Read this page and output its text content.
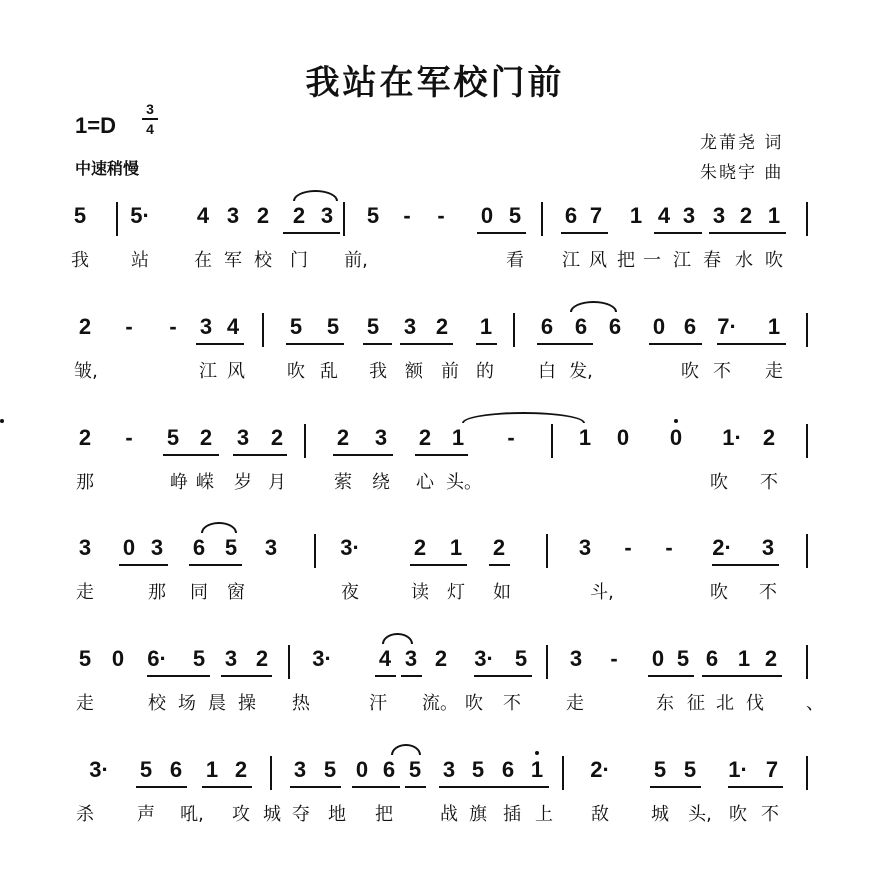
我站在军校门前
1=D
3
4
中速稍慢
龙莆尧 词
朱晓宇 曲
5 5· 4 3 2 2 3 5 - - 0 5 6 7 1 4 3 3 2 1
我 站	在 军 校 门 前,	看 江 风 把 一 江 春 水 吹
2 - - 3 4 5 5 5 3 2 1 6 6 6 0 6 7· 1
皱,	江 风 吹 乱 我 额 前 的 白 发,	吹 不 走
2 - 5 2 3 2 2 3 2 1 -	1 0 0 1· 2
那	峥 嵘 岁 月	萦 绕 心 头。	吹 不
3 0 3 6 5 3	3· 2 1 2	3 - - 2· 3
走	那 同 窗	夜	读 灯 如	斗,	吹 不
5 0 6· 5 3 2 3· 4 3 2 3· 5 3 - 0 5 6 1 2
走	校 场 晨 操 热	汗 流。 吹 不	走	东 征 北 伐 、
3· 5 6 1 2 3 5 0 6 5 3 5 6 1 2· 5 5 1· 7
杀 声 吼, 攻 城 夺 地 把	战 旗 插 上 敌 城 头, 吹 不
